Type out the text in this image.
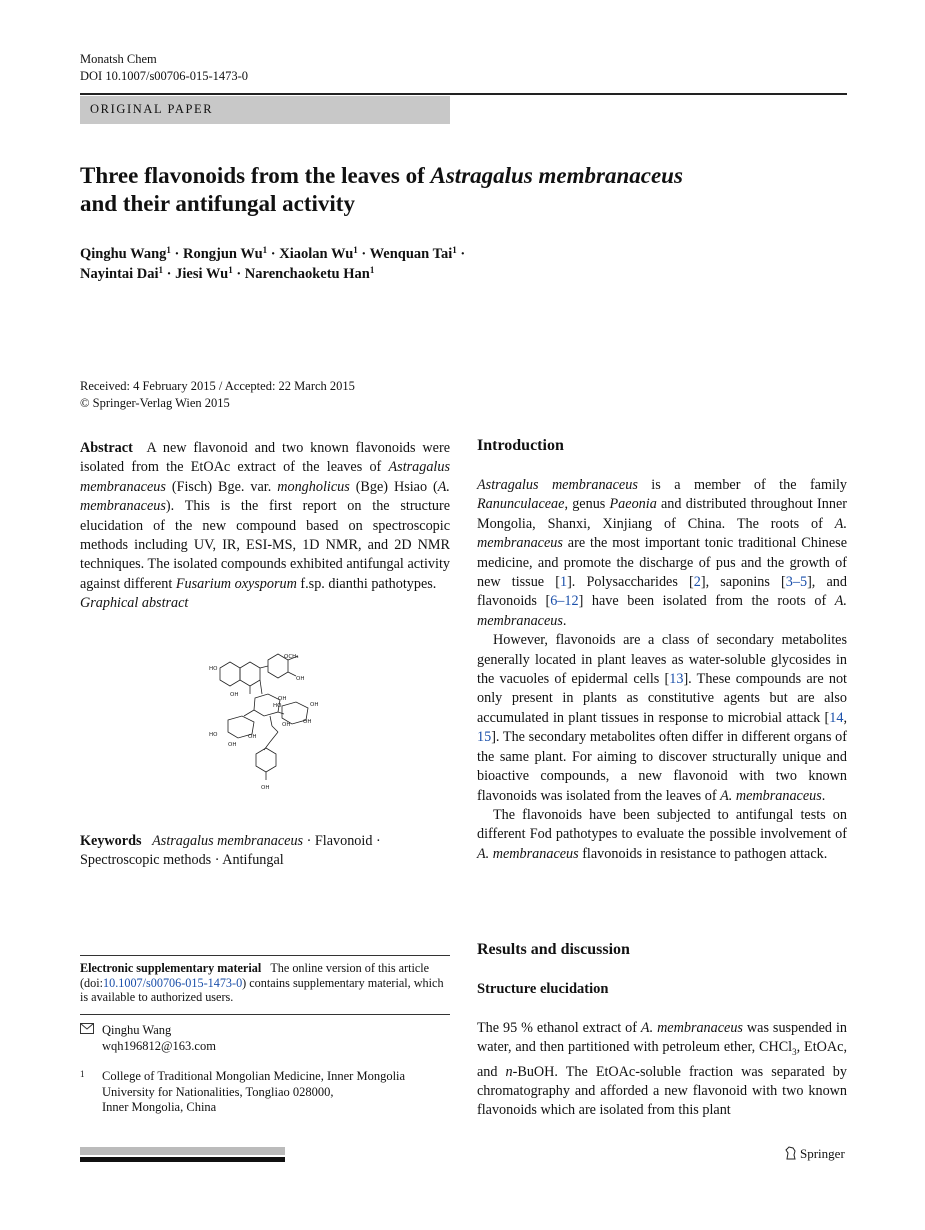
Monatsh Chem
DOI 10.1007/s00706-015-1473-0
ORIGINAL PAPER
Three flavonoids from the leaves of Astragalus membranaceus
and their antifungal activity
Qinghu Wang$^1$ · Rongjun $Wu^1$ · Xiaolan $Wu^1$ · Wenquan Tai$^1$ ·
Nayintai Dai$^1$ · Jiesi $Wu^1$ · Narenchaoketu Han$^1$
Received: 4 February 2015 / Accepted: 22 March 2015
© Springer-Verlag Wien 2015
Abstract A new flavonoid and two known flavonoids were isolated from the EtOAc extract of the leaves of Astragalus membranaceus (Fisch) Bge. var. mongholicus (Bge) Hsiao (A. membranaceus). This is the first report on the structure elucidation of the new compound based on spectroscopic methods including UV, IR, ESI-MS, 1D NMR, and 2D NMR techniques. The isolated compounds exhibited antifungal activity against different Fusarium oxysporum f.sp. dianthi pathotypes.
Graphical abstract
HO
OH
OCH₃
OH
OH
HO	OH
OH
HO	OH
OH
OH
OH
Keywords Astragalus membranaceus · Flavonoid · Spectroscopic methods · Antifungal
Electronic supplementary material The online version of this article (doi:10.1007/s00706-015-1473-0) contains supplementary material, which is available to authorized users.
Qinghu Wang
wqh196812@163.com
1 College of Traditional Mongolian Medicine, Inner Mongolia
University for Nationalities, Tongliao 028000,
Inner Mongolia, China
Introduction

Astragalus membranaceus is a member of the family Ranunculaceae, genus Paeonia and distributed throughout Inner Mongolia, Shanxi, Xinjiang of China. The roots of A. membranaceus are the most important tonic traditional Chinese medicine, and promote the discharge of pus and the growth of new tissue [1]. Polysaccharides [2], saponins [3–5], and flavonoids [6–12] have been isolated from the roots of A. membranaceus.

However, flavonoids are a class of secondary metabolites generally located in plant leaves as water-soluble glycosides in the vacuoles of epidermal cells [13]. These compounds are not only present in plants as constitutive agents but are also accumulated in plant tissues in response to microbial attack [14, 15]. The secondary metabolites often differ in different organs of the same plant. For aiming to discover structurally unique and bioactive compounds, a new flavonoid with two known flavonoids was isolated from the leaves of A. membranaceus.

The flavonoids have been subjected to antifungal tests on different Fod pathotypes to evaluate the possible involvement of A. membranaceus flavonoids in resistance to pathogen attack.

Results and discussion
Structure elucidation

The 95 % ethanol extract of A. membranaceus was suspended in water, and then partitioned with petroleum ether, CHCl$_3$, EtOAc, and n-BuOH. The EtOAc-soluble fraction was separated by chromatography and afforded a new flavonoid with two known flavonoids which are isolated from this plant

Springer
